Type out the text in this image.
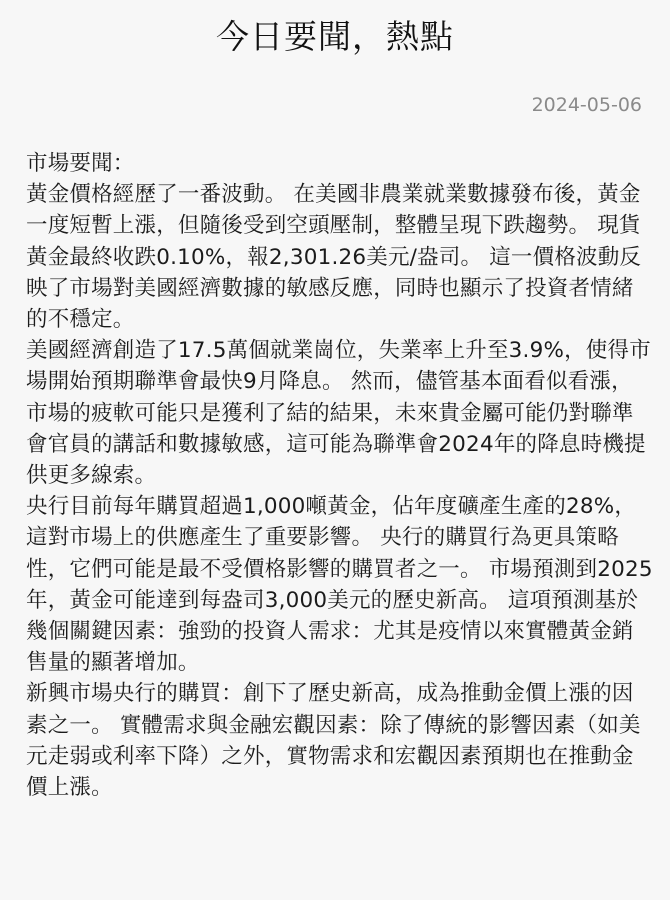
今日要聞，熱點
2024-05-06

市場要聞：

黃金價格經歷了一番波動。 在美國非農業就業數據發布後，黃金一度短暫上漲，但隨後受到空頭壓制，整體呈現下跌趨勢。 現貨黃金最終收跌0.10%，報2,301.26美元/盎司。 這一價格波動反映了市場對美國經濟數據的敏感反應，同時也顯示了投資者情緒的不穩定。

美國經濟創造了17.5萬個就業崗位，失業率上升至3.9%，使得市場開始預期聯準會最快9月降息。 然而，儘管基本面看似看漲，市場的疲軟可能只是獲利了結的結果，未來貴金屬可能仍對聯準會官員的講話和數據敏感，這可能為聯準會2024年的降息時機提供更多線索。

央行目前每年購買超過1,000噸黃金，佔年度礦產生產的28%，這對市場上的供應產生了重要影響。 央行的購買行為更具策略性，它們可能是最不受價格影響的購買者之一。 市場預測到2025年，黃金可能達到每盎司3,000美元的歷史新高。 這項預測基於幾個關鍵因素：強勁的投資人需求：尤其是疫情以來實體黃金銷售量的顯著增加。

新興市場央行的購買：創下了歷史新高，成為推動金價上漲的因素之一。 實體需求與金融宏觀因素：除了傳統的影響因素（如美元走弱或利率下降）之外，實物需求和宏觀因素預期也在推動金價上漲。
